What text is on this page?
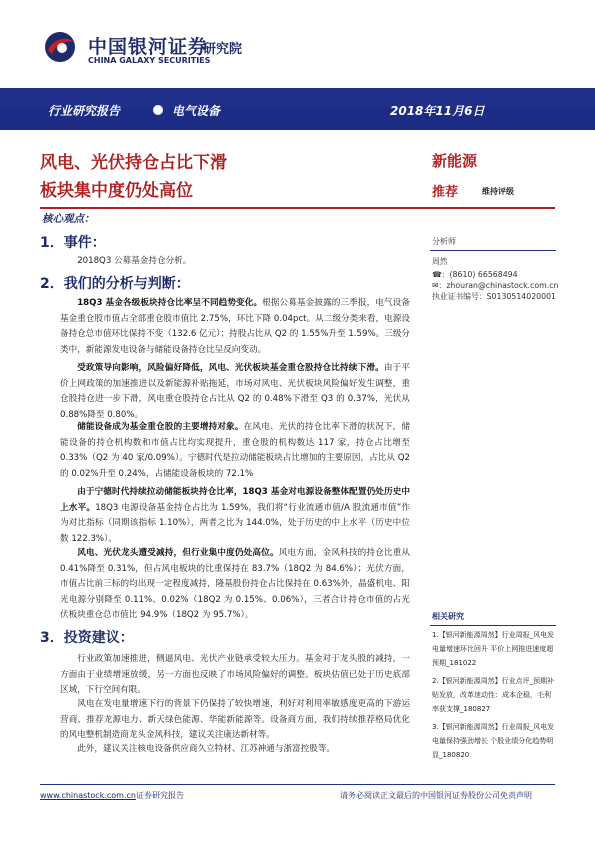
中国银河证券
CHINA GALAXY SECURITIES
研究院
行业研究报告	电气设备	2018年11月6日
风电、光伏持仓占比下滑
板块集中度仍处高位
新能源
推荐	维持评级
核心观点：
1．事件：
2018Q3 公募基金持仓分析。
2．我们的分析与判断：
18Q3 基金各级板块持仓比率呈不同趋势变化。根据公募基金披露的三季报，电气设备基金重仓股市值占全部重仓股市值比 2.75%，环比下降 0.04pct。从二级分类来看，电源设备持仓总市值环比保持不变（132.6 亿元）；持股占比从 Q2 的 1.55%升至 1.59%。三级分类中，新能源发电设备与储能设备持仓比呈反向变动。
受政策导向影响，风险偏好降低，风电、光伏板块基金重仓股持仓比持续下滑。由于平价上网政策的加速推进以及新能源补贴拖延，市场对风电、光伏板块风险偏好发生调整，重仓股持仓进一步下滑，风电重仓股持仓占比从 Q2 的 0.48%下滑至 Q3 的 0.37%，光伏从 0.88%降至 0.80%。
储能设备成为基金重仓股的主要增持对象。在风电、光伏的持仓比率下滑的状况下，储能设备的持仓机构数和市值占比均实现提升，重仓股的机构数达 117 家，持仓占比增至 0.33%（Q2 为 40 家/0.09%）。宁德时代是拉动储能板块占比增加的主要原因，占比从 Q2 的 0.02%升至 0.24%，占储能设备板块的 72.1%
由于宁德时代持续拉动储能板块持仓比率，18Q3 基金对电源设备整体配置仍处历史中上水平。18Q3 电源设备基金持仓占比为 1.59%，我们将“行业流通市值/A 股流通市值”作为对比指标（同期该指标 1.10%），两者之比为 144.0%，处于历史的中上水平（历史中位数 122.3%）。
风电、光伏龙头遭受减持，但行业集中度仍处高位。风电方面，金风科技的持仓比重从 0.41%降至 0.31%，但占风电板块的比重保持在 83.7%（18Q2 为 84.6%）；光伏方面，市值占比前三标的均出现一定程度减持，隆基股份持仓占比保持在 0.63%外，晶盛机电、阳光电源分别降至 0.11%、0.02%（18Q2 为 0.15%、0.06%），三者合计持仓市值的占光伏板块重仓总市值比 94.9%（18Q2 为 95.7%）。
3．投资建议：
行业政策加速推进，侧逼风电、光伏产业链承受较大压力。基金对于龙头股的减持，一方面由于业绩增速放缓，另一方面也反映了市场风险偏好的调整。板块估值已处于历史底部区域，下行空间有限。
风电在发电量增速下行的背景下仍保持了较快增速，利好对利用率敏感度更高的下游运营商，推荐龙源电力、新天绿色能源、华能新能源等。设备商方面，我们持续推荐格局优化的风电整机制造商龙头金风科技，建议关注康达新材等。
此外，建议关注核电设备供应商久立特材、江苏神通与浙富控股等。
分析师
周然
☎：(8610) 66568494
✉：zhouran@chinastock.com.cn
执业证书编号：S0130514020001
相关研究
1.【银河新能源周然】行业周报_风电发电量增速环比回升 平价上网推进速度超预期_181022
2.【银河新能源周然】行业点评_预期补贴发放，改革迷动性：成本企稳，毛利率获支撑_180827
3.【银河新能源周然】行业周报_风电发电量保持强劲增长 个股业绩分化趋势明显_180820
www.chinastock.com.cn证券研究报告	请务必阅读正文最后的中国银河证券股份公司免责声明
